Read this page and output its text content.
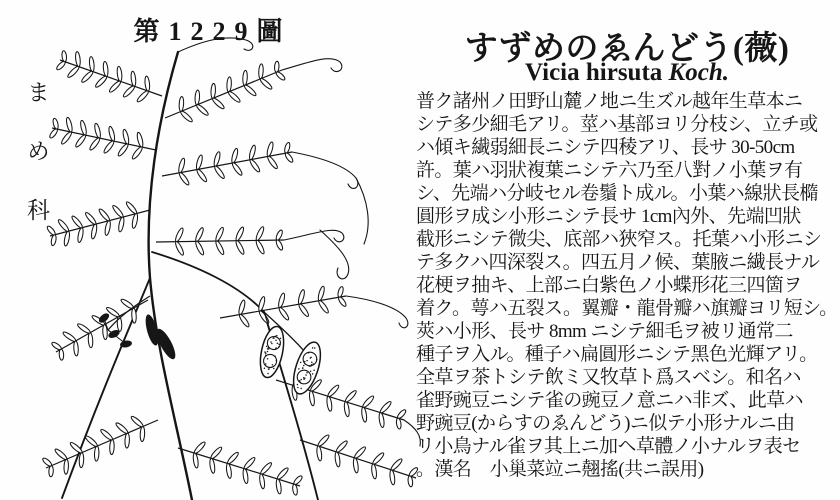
第1229圖
まめ科
すずめのゑんどう(薇)
Vicia hirsuta Koch.
普ク諸州ノ田野山麓ノ地ニ生ズル越年生草本ニ
シテ多少細毛アリ。莖ハ基部ヨリ分枝シ、立チ或
ハ傾キ繊弱細長ニシテ四稜アリ、長サ 30-50cm
許。葉ハ羽狀複葉ニシテ六乃至八對ノ小葉ヲ有
シ、先端ハ分岐セル卷鬚ト成ル。小葉ハ線狀長橢
圓形ヲ成シ小形ニシテ長サ 1cm內外、先端凹狀
截形ニシテ微尖、底部ハ狹窄ス。托葉ハ小形ニシ
テ多クハ四深裂ス。四五月ノ候、葉腋ニ繊長ナル
花梗ヲ抽キ、上部ニ白紫色ノ小蝶形花三四箇ヲ
着ク。萼ハ五裂ス。翼瓣・龍骨瓣ハ旗瓣ヨリ短シ。
莢ハ小形、長サ 8mm ニシテ細毛ヲ被リ通常二
種子ヲ入ル。種子ハ扁圓形ニシテ黑色光輝アリ。
全草ヲ茶トシテ飲ミ又牧草ト爲スベシ。和名ハ
雀野豌豆ニシテ雀の豌豆ノ意ニハ非ズ、此草ハ
野豌豆(からすのゑんどう)ニ似テ小形ナルニ由
リ小鳥ナル雀ヲ其上ニ加ヘ草體ノ小ナルヲ表セ
。漢名　小巢菜竝ニ翹搖(共ニ誤用)
